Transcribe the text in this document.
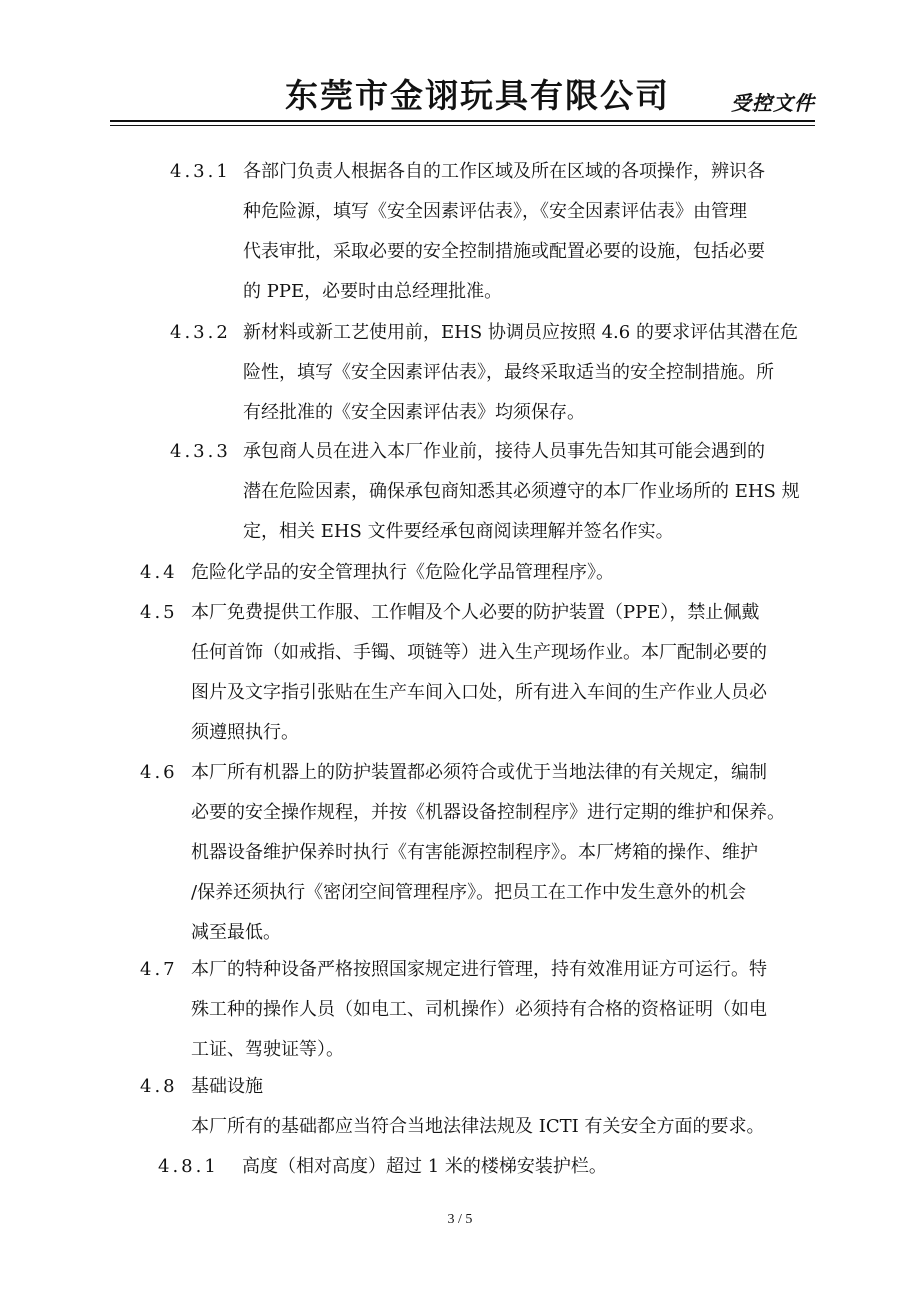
东莞市金诩玩具有限公司	受控文件
4.3.1 各部门负责人根据各自的工作区域及所在区域的各项操作，辨识各
种危险源，填写《安全因素评估表》，《安全因素评估表》由管理
代表审批，采取必要的安全控制措施或配置必要的设施，包括必要
的 PPE，必要时由总经理批准。
4.3.2 新材料或新工艺使用前，EHS 协调员应按照 4.6 的要求评估其潜在危
险性，填写《安全因素评估表》，最终采取适当的安全控制措施。所
有经批准的《安全因素评估表》均须保存。
4.3.3 承包商人员在进入本厂作业前，接待人员事先告知其可能会遇到的
潜在危险因素，确保承包商知悉其必须遵守的本厂作业场所的 EHS 规
定，相关 EHS 文件要经承包商阅读理解并签名作实。
4.4 危险化学品的安全管理执行《危险化学品管理程序》。
4.5 本厂免费提供工作服、工作帽及个人必要的防护装置（PPE），禁止佩戴
任何首饰（如戒指、手镯、项链等）进入生产现场作业。本厂配制必要的
图片及文字指引张贴在生产车间入口处，所有进入车间的生产作业人员必
须遵照执行。
4.6 本厂所有机器上的防护装置都必须符合或优于当地法律的有关规定，编制
必要的安全操作规程，并按《机器设备控制程序》进行定期的维护和保养。
机器设备维护保养时执行《有害能源控制程序》。本厂烤箱的操作、维护
/保养还须执行《密闭空间管理程序》。把员工在工作中发生意外的机会
减至最低。
4.7 本厂的特种设备严格按照国家规定进行管理，持有效准用证方可运行。特
殊工种的操作人员（如电工、司机操作）必须持有合格的资格证明（如电
工证、驾驶证等）。
4.8 基础设施
本厂所有的基础都应当符合当地法律法规及 ICTI 有关安全方面的要求。
4.8.1 高度（相对高度）超过 1 米的楼梯安装护栏。
3 / 5
